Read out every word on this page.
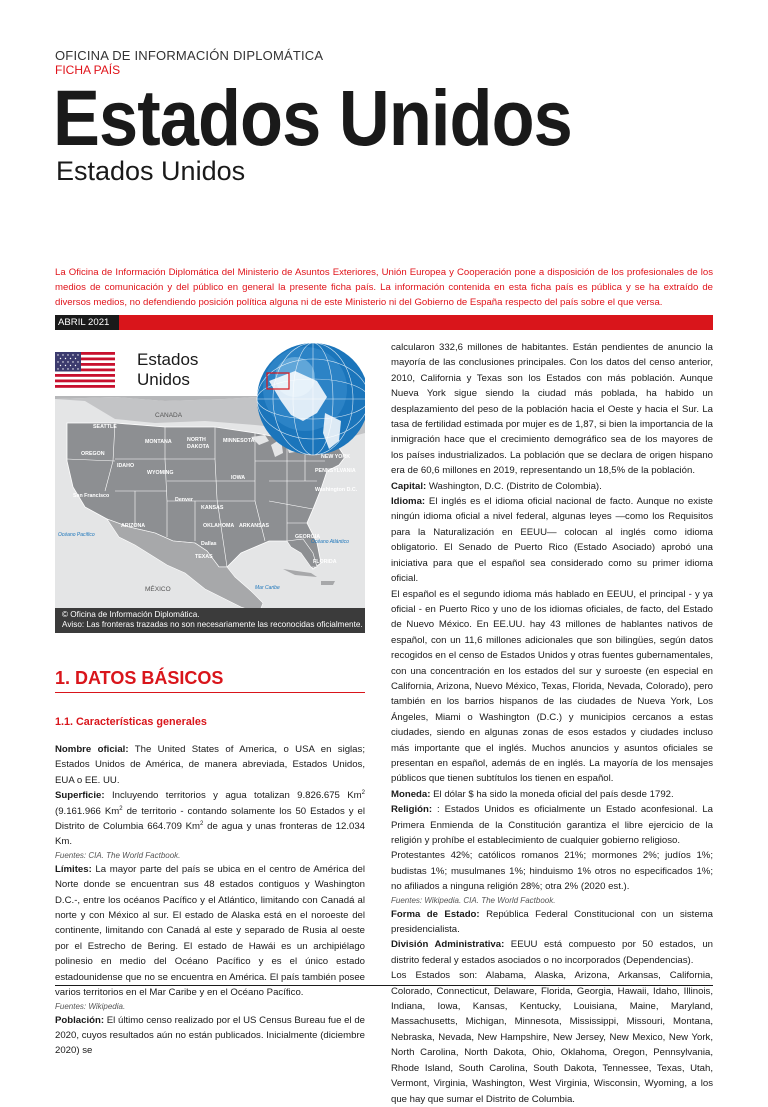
OFICINA DE INFORMACIÓN DIPLOMÁTICA
FICHA PAÍS
Estados Unidos
Estados Unidos
La Oficina de Información Diplomática del Ministerio de Asuntos Exteriores, Unión Europea y Cooperación pone a disposición de los profesionales de los medios de comunicación y del público en general la presente ficha país. La información contenida en esta ficha país es pública y se ha extraído de diversos medios, no defendiendo posición política alguna ni de este Ministerio ni del Gobierno de España respecto del país sobre el que versa.
ABRIL 2021
Estados
Unidos
SEATTLE
OREGON
IDAHO
MONTANA	NORTH
DAKOTA
MINNESOTA
WYOMING
IOWA
NEW YORK
PENNSYLVANIA
Washington D.C.
San Francisco
Denver
KANSAS
ARIZONA	OKLAHOMA ARKANSAS
GEORGIA
Dallas
TEXAS
FLORIDA
CANADA
MÉXICO
Océano Pacífico
Océano Atlántico
Mar Caribe
© Oficina de Información Diplomática.
Aviso: Las fronteras trazadas no son necesariamente las reconocidas oficialmente.
1. DATOS BÁSICOS
1.1. Características generales

Nombre oficial: The United States of America, o USA en siglas; Estados Unidos de América, de manera abreviada, Estados Unidos, EUA o EE. UU.

Superficie: Incluyendo territorios y agua totalizan 9.826.675 Km$^2$ (9.161.966 Km$^2$ de territorio - contando solamente los 50 Estados y el Distrito de Columbia 664.709 Km$^2$ de agua y unas fronteras de 12.034 Km.

Fuentes: CIA. The World Factbook.

Límites: La mayor parte del país se ubica en el centro de América del Norte donde se encuentran sus 48 estados contiguos y Washington D.C.-, entre los océanos Pacífico y el Atlántico, limitando con Canadá al norte y con México al sur. El estado de Alaska está en el noroeste del continente, limitando con Canadá al este y separado de Rusia al oeste por el Estrecho de Bering. El estado de Hawái es un archipiélago polinesio en medio del Océano Pacífico y es el único estado estadounidense que no se encuentra en América. El país también posee varios territorios en el Mar Caribe y en el Océano Pacífico.

Fuentes: Wikipedia.

Población: El último censo realizado por el US Census Bureau fue el de 2020, cuyos resultados aún no están publicados. Inicialmente (diciembre 2020) se

calcularon 332,6 millones de habitantes. Están pendientes de anuncio la mayoría de las conclusiones principales. Con los datos del censo anterior, 2010, California y Texas son los Estados con más población. Aunque Nueva York sigue siendo la ciudad más poblada, ha habido un desplazamiento del peso de la población hacia el Oeste y hacia el Sur. La tasa de fertilidad estimada por mujer es de 1,87, si bien la importancia de la inmigración hace que el crecimiento demográfico sea de los mayores de los países industrializados. La población que se declara de origen hispano era de 60,6 millones en 2019, representando un 18,5% de la población.

Capital: Washington, D.C. (Distrito de Colombia).

Idioma: El inglés es el idioma oficial nacional de facto. Aunque no existe ningún idioma oficial a nivel federal, algunas leyes —como los Requisitos para la Naturalización en EEUU— colocan al inglés como idioma obligatorio. El Senado de Puerto Rico (Estado Asociado) aprobó una iniciativa para que el español sea considerado como su primer idioma oficial.

El español es el segundo idioma más hablado en EEUU, el principal - y ya oficial - en Puerto Rico y uno de los idiomas oficiales, de facto, del Estado de Nuevo México. En EE.UU. hay 43 millones de hablantes nativos de español, con un 11,6 millones adicionales que son bilingües, según datos recogidos en el censo de Estados Unidos y otras fuentes gubernamentales, con una concentración en los estados del sur y suroeste (en especial en California, Arizona, Nuevo México, Texas, Florida, Nevada, Colorado), pero también en los barrios hispanos de las ciudades de Nueva York, Los Ángeles, Miami o Washington (D.C.) y municipios cercanos a estas ciudades, siendo en algunas zonas de esos estados y ciudades incluso más importante que el inglés. Muchos anuncios y asuntos oficiales se presentan en español, además de en inglés. La mayoría de los mensajes públicos que tienen subtítulos los tienen en español.

Moneda: El dólar $ ha sido la moneda oficial del país desde 1792.

Religión: : Estados Unidos es oficialmente un Estado aconfesional. La Primera Enmienda de la Constitución garantiza el libre ejercicio de la religión y prohíbe el establecimiento de cualquier gobierno religioso.

Protestantes 42%; católicos romanos 21%; mormones 2%; judíos 1%; budistas 1%; musulmanes 1%; hinduismo 1% otros no especificados 1%; no afiliados a ninguna religión 28%; otra 2% (2020 est.).

Fuentes: Wikipedia. CIA. The World Factbook.

Forma de Estado: República Federal Constitucional con un sistema presidencialista.

División Administrativa: EEUU está compuesto por 50 estados, un distrito federal y estados asociados o no incorporados (Dependencias).

Los Estados son: Alabama, Alaska, Arizona, Arkansas, California, Colorado, Connecticut, Delaware, Florida, Georgia, Hawaii, Idaho, Illinois, Indiana, Iowa, Kansas, Kentucky, Louisiana, Maine, Maryland, Massachusetts, Michigan, Minnesota, Mississippi, Missouri, Montana, Nebraska, Nevada, New Hampshire, New Jersey, New Mexico, New York, North Carolina, North Dakota, Ohio, Oklahoma, Oregon, Pennsylvania, Rhode Island, South Carolina, South Dakota, Tennessee, Texas, Utah, Vermont, Virginia, Washington, West Virginia, Wisconsin, Wyoming, a los que hay que sumar el Distrito de Columbia.
